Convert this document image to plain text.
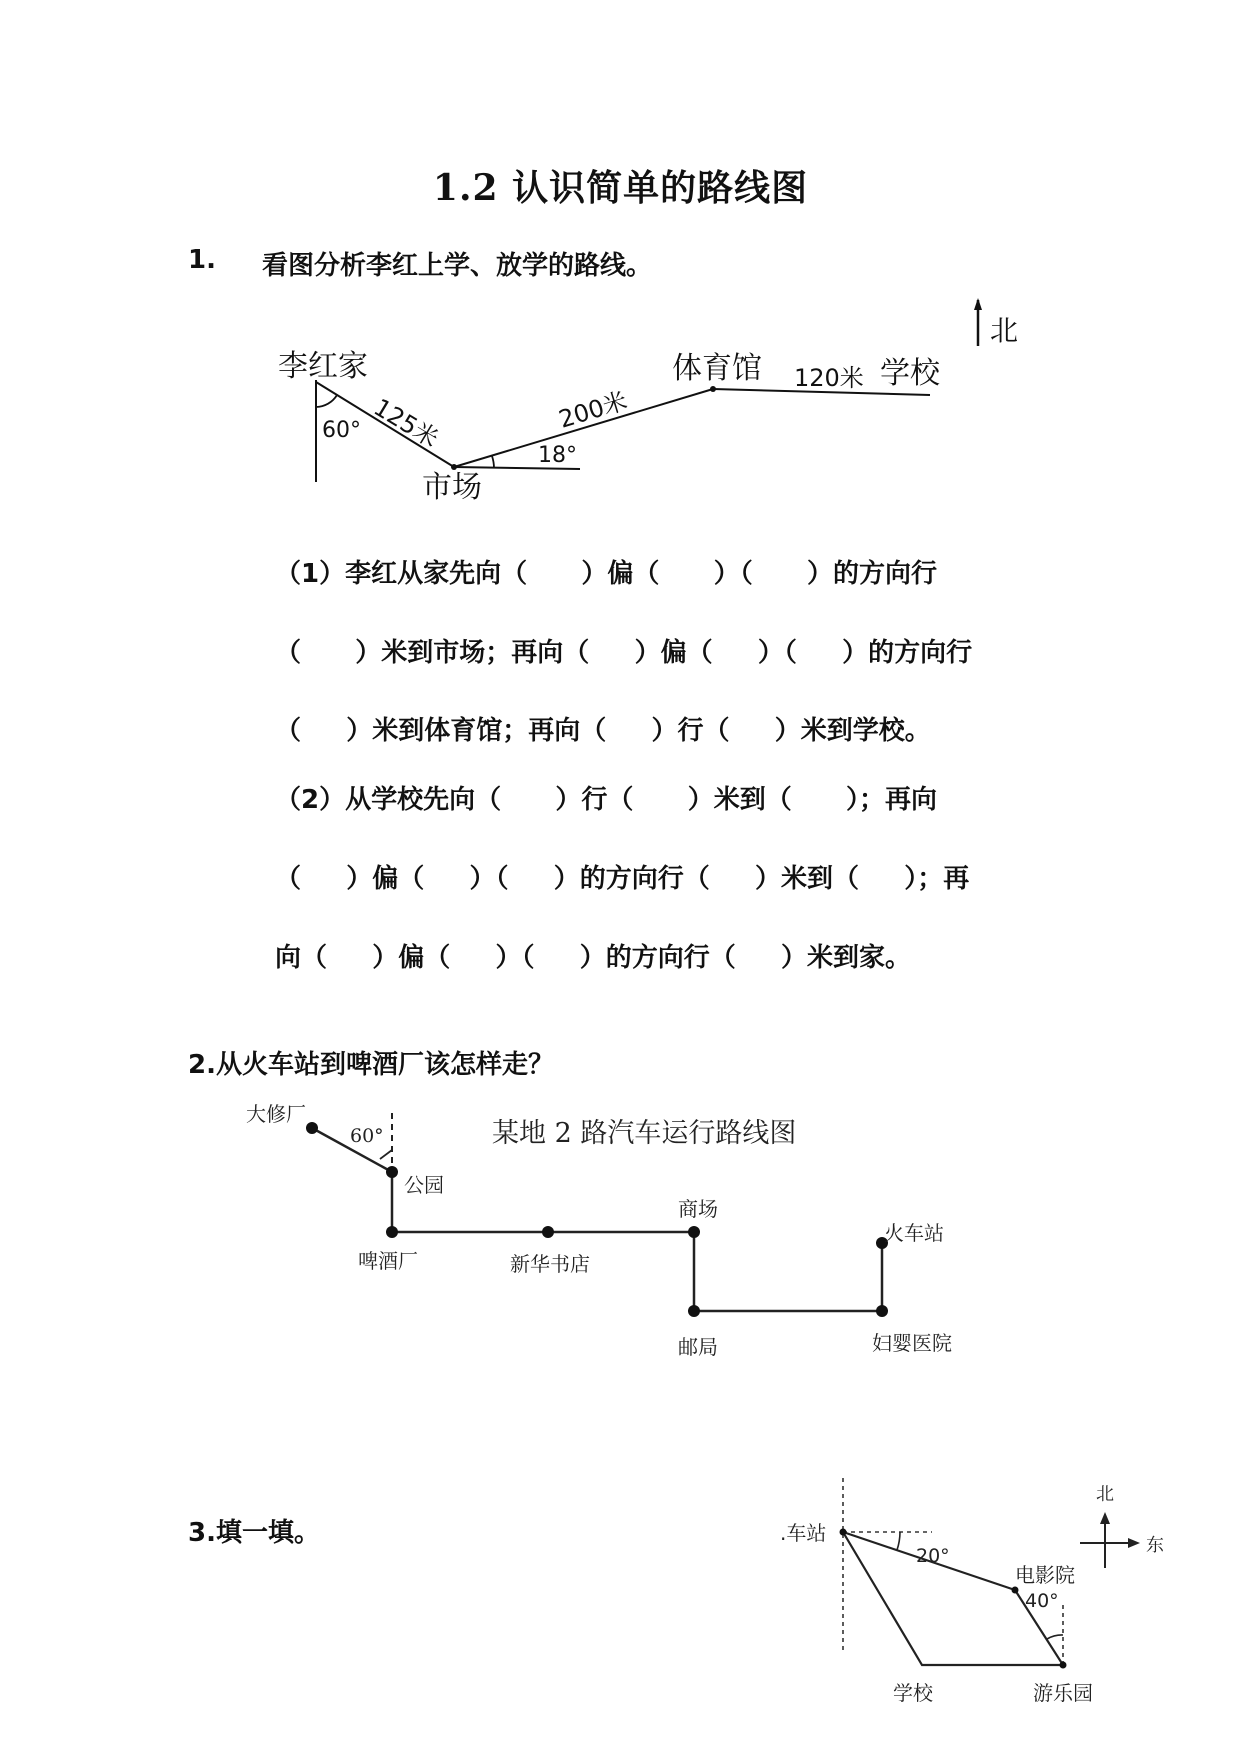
1.2 认识简单的路线图
1. 看图分析李红上学、放学的路线。
北
李红家
60° 125米
市场
18°
200米
体育馆 120米 学校
（1）李红从家先向（      ）偏（      ）（      ）的方向行
（      ）米到市场；再向（     ）偏（     ）（     ）的方向行
（     ）米到体育馆；再向（     ）行（     ）米到学校。
（2）从学校先向（      ）行（      ）米到（      ）；再向
（     ）偏（     ）（     ）的方向行（     ）米到（     ）；再
向（     ）偏（     ）（     ）的方向行（     ）米到家。
2.从火车站到啤酒厂该怎样走？
某地 2 路汽车运行路线图
大修厂
60°
公园
啤酒厂	新华书店
商场
邮局	妇婴医院
火车站
3.填一填。
北
东
.车站
20°
电影院
40°
学校	游乐园
